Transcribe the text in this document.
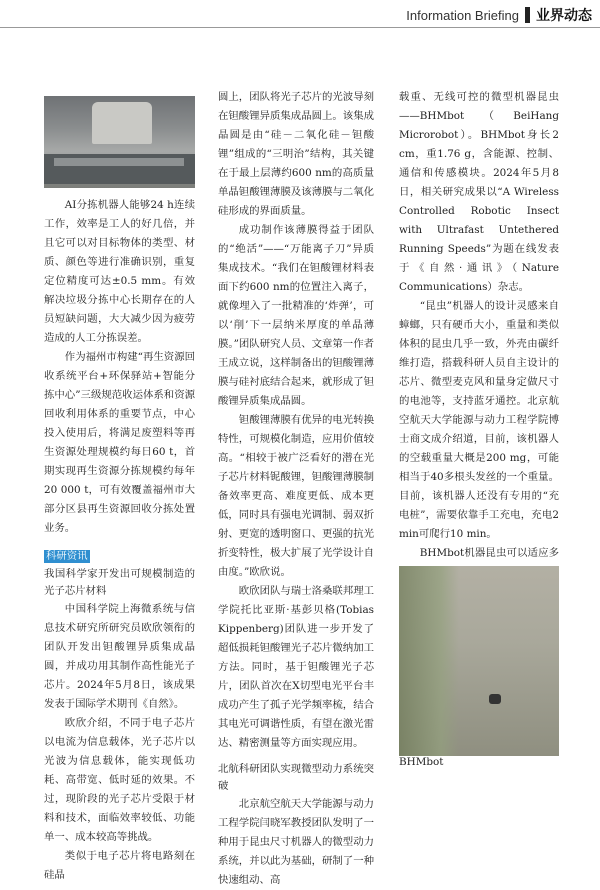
Information Briefing 业界动态

AI分拣机器人能够24 h连续工作，效率是工人的好几倍，并且它可以对目标物体的类型、材质、颜色等进行准确识别，重复定位精度可达±0.5 mm。有效解决垃圾分拣中心长期存在的人员短缺问题，大大减少因为疲劳造成的人工分拣误差。

作为福州市构建“再生资源回收系统平台+环保驿站+智能分拣中心”三级规范收运体系和资源回收利用体系的重要节点，中心投入使用后，将满足废塑料等再生资源处理规模约每日60 t，首期实现再生资源分拣规模约每年20 000 t，可有效覆盖福州市大部分区县再生资源回收分拣处置业务。

科研资讯

我国科学家开发出可规模制造的光子芯片材料

中国科学院上海微系统与信息技术研究所研究员欧欣领衔的团队开发出钽酸锂异质集成晶圆，并成功用其制作高性能光子芯片。2024年5月8日，该成果发表于国际学术期刊《自然》。

欧欣介绍，不同于电子芯片以电流为信息载体，光子芯片以光波为信息载体，能实现低功耗、高带宽、低时延的效果。不过，现阶段的光子芯片受限于材料和技术，面临效率较低、功能单一、成本较高等挑战。

类似于电子芯片将电路刻在硅晶

圆上，团队将光子芯片的光波导刻在钽酸锂异质集成晶圆上。该集成晶圆是由“硅－二氧化硅－钽酸锂”组成的“三明治”结构，其关键在于最上层薄约600 nm的高质量单晶钽酸锂薄膜及该薄膜与二氧化硅形成的界面质量。

成功制作该薄膜得益于团队的“绝活”——“万能离子刀”异质集成技术。“我们在钽酸锂材料表面下约600 nm的位置注入离子，就像埋入了一批精准的‘炸弹’，可以‘削’下一层纳米厚度的单晶薄膜。”团队研究人员、文章第一作者王成立说，这样制备出的钽酸锂薄膜与硅衬底结合起来，就形成了钽酸锂异质集成晶圆。

钽酸锂薄膜有优异的电光转换特性，可规模化制造，应用价值较高。“相较于被广泛看好的潜在光子芯片材料铌酸锂，钽酸锂薄膜制备效率更高、难度更低、成本更低，同时具有强电光调制、弱双折射、更宽的透明窗口、更强的抗光折变特性，极大扩展了光学设计自由度。”欧欣说。

欧欣团队与瑞士洛桑联邦理工学院托比亚斯·基彭贝格(Tobias Kippenberg)团队进一步开发了超低损耗钽酸锂光子芯片微纳加工方法。同时，基于钽酸锂光子芯片，团队首次在X切型电光平台丰成功产生了孤子光学频率梳，结合其电光可调谐性质，有望在激光雷达、精密测量等方面实现应用。

北航科研团队实现微型动力系统突破

北京航空航天大学能源与动力工程学院闫晓军教授团队发明了一种用于昆虫尺寸机器人的微型动力系统，并以此为基础，研制了一种快速组动、高

载重、无线可控的微型机器昆虫——BHMbot（BeiHang Microrobot）。BHMbot身长2 cm，重1.76 g，含能源、控制、通信和传感模块。2024年5月8日，相关研究成果以“A Wireless Controlled Robotic Insect with Ultrafast Untethered Running Speeds”为题在线发表于《自然·通讯》（Nature Communications）杂志。

“昆虫”机器人的设计灵感来自蟑螂，只有硬币大小，重量和类似体积的昆虫几乎一致，外壳由碳纤维打造，搭载科研人员自主设计的芯片、微型麦克风和量身定做尺寸的电池等，支持蓝牙通控。北京航空航天大学能源与动力工程学院博士商文成介绍道，目前，该机器人的空载重量大概是200 mg，可能相当于40多根头发丝的一个重量。目前，该机器人还没有专用的“充电桩”，需要依靠手工充电，充电2 min可爬行10 min。

BHMbot机器昆虫可以适应多 BHMbot
